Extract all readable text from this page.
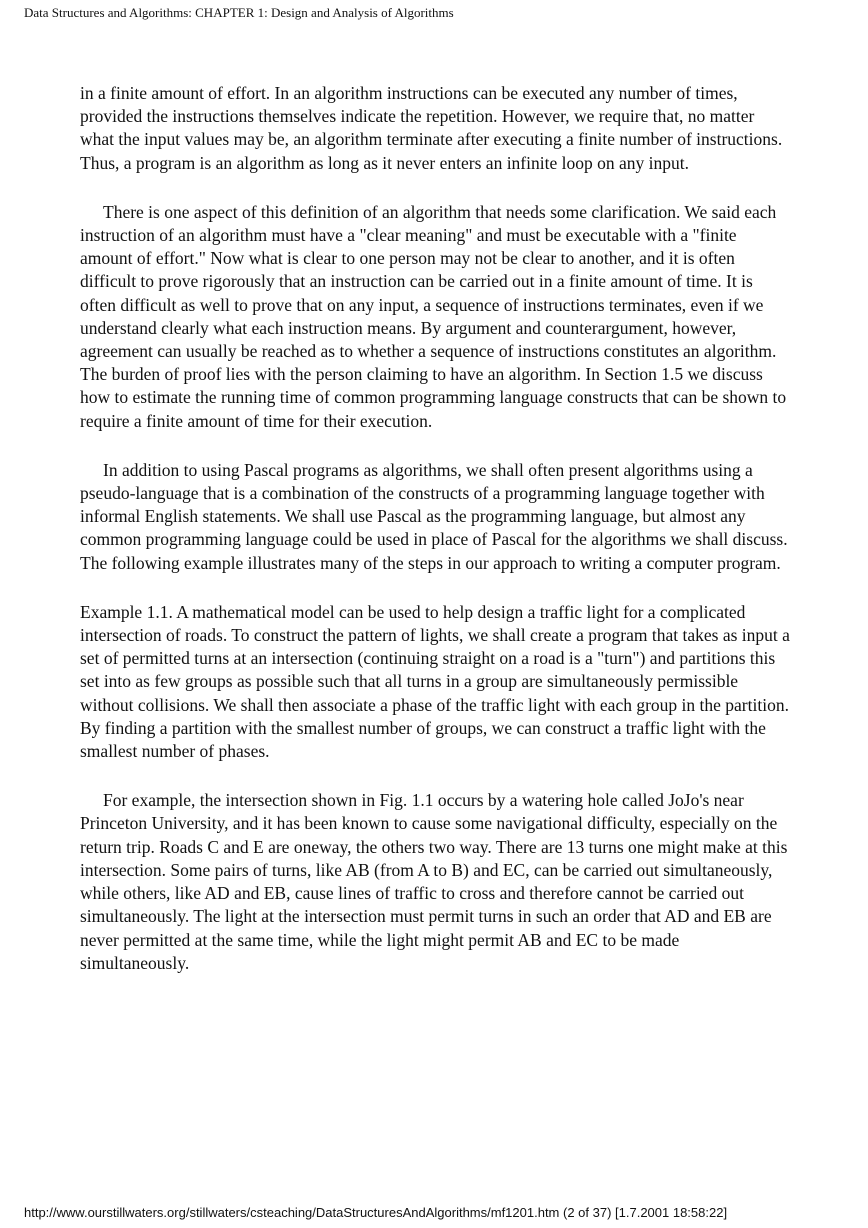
Data Structures and Algorithms: CHAPTER 1: Design and Analysis of Algorithms

in a finite amount of effort. In an algorithm instructions can be executed any number of times, provided the instructions themselves indicate the repetition. However, we require that, no matter what the input values may be, an algorithm terminate after executing a finite number of instructions. Thus, a program is an algorithm as long as it never enters an infinite loop on any input.

There is one aspect of this definition of an algorithm that needs some clarification. We said each instruction of an algorithm must have a "clear meaning" and must be executable with a "finite amount of effort." Now what is clear to one person may not be clear to another, and it is often difficult to prove rigorously that an instruction can be carried out in a finite amount of time. It is often difficult as well to prove that on any input, a sequence of instructions terminates, even if we understand clearly what each instruction means. By argument and counterargument, however, agreement can usually be reached as to whether a sequence of instructions constitutes an algorithm. The burden of proof lies with the person claiming to have an algorithm. In Section 1.5 we discuss how to estimate the running time of common programming language constructs that can be shown to require a finite amount of time for their execution.

In addition to using Pascal programs as algorithms, we shall often present algorithms using a pseudo-language that is a combination of the constructs of a programming language together with informal English statements. We shall use Pascal as the programming language, but almost any common programming language could be used in place of Pascal for the algorithms we shall discuss. The following example illustrates many of the steps in our approach to writing a computer program.

Example 1.1. A mathematical model can be used to help design a traffic light for a complicated intersection of roads. To construct the pattern of lights, we shall create a program that takes as input a set of permitted turns at an intersection (continuing straight on a road is a "turn") and partitions this set into as few groups as possible such that all turns in a group are simultaneously permissible without collisions. We shall then associate a phase of the traffic light with each group in the partition. By finding a partition with the smallest number of groups, we can construct a traffic light with the smallest number of phases.

For example, the intersection shown in Fig. 1.1 occurs by a watering hole called JoJo's near Princeton University, and it has been known to cause some navigational difficulty, especially on the return trip. Roads C and E are oneway, the others two way. There are 13 turns one might make at this intersection. Some pairs of turns, like AB (from A to B) and EC, can be carried out simultaneously, while others, like AD and EB, cause lines of traffic to cross and therefore cannot be carried out simultaneously. The light at the intersection must permit turns in such an order that AD and EB are never permitted at the same time, while the light might permit AB and EC to be made simultaneously.

http://www.ourstillwaters.org/stillwaters/csteaching/DataStructuresAndAlgorithms/mf1201.htm (2 of 37) [1.7.2001 18:58:22]
